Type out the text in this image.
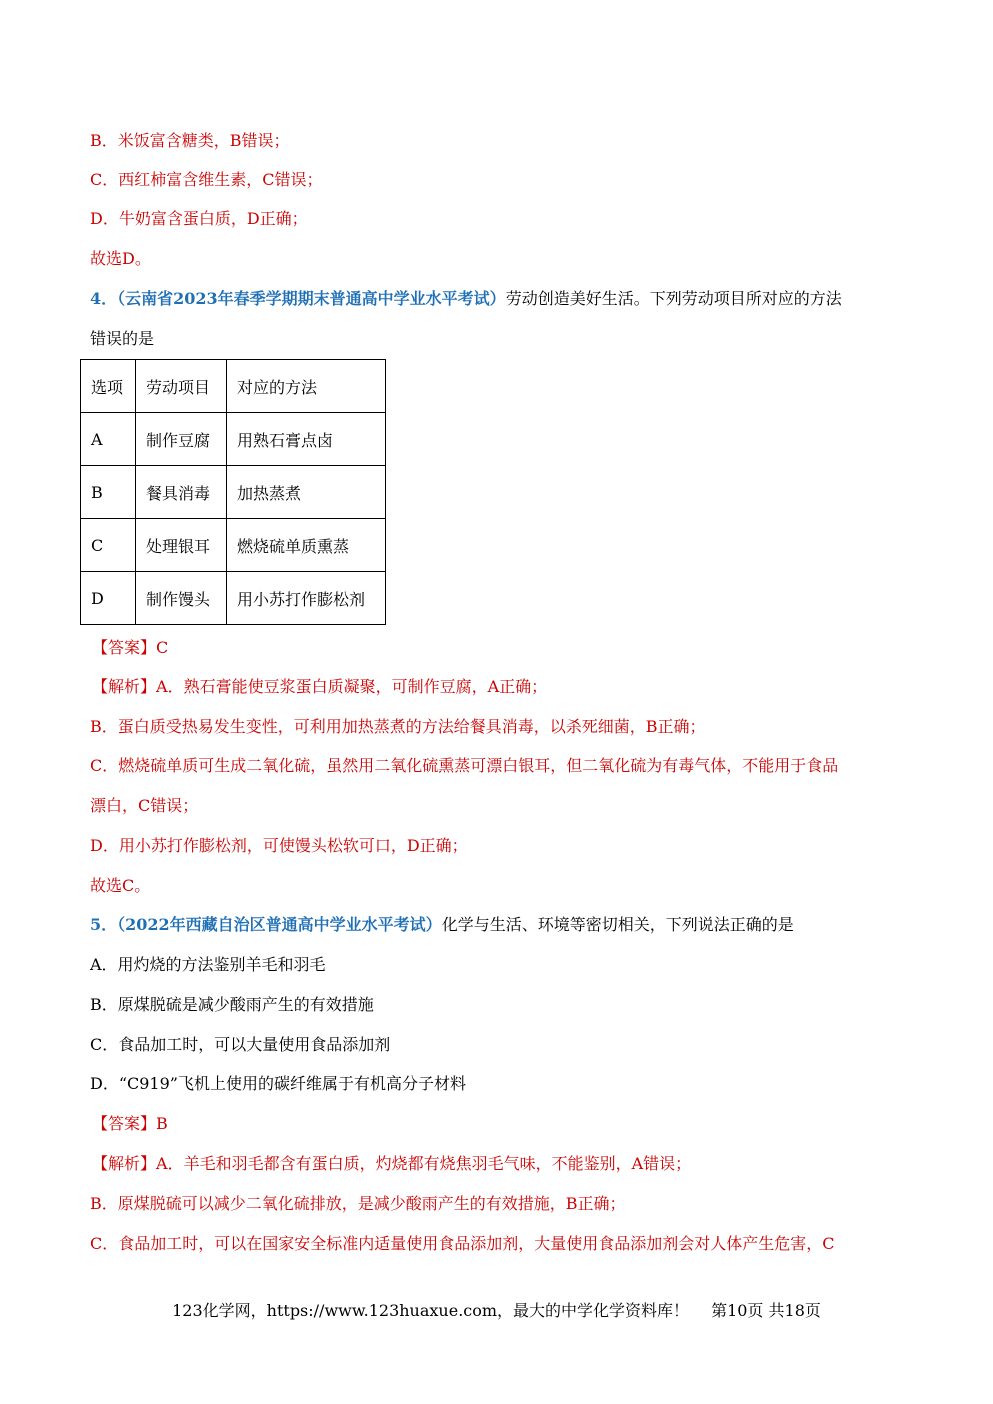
B．米饭富含糖类，B错误；
C．西红柿富含维生素，C错误；
D．牛奶富含蛋白质，D正确；
故选D。
4．（云南省2023年春季学期期末普通高中学业水平考试）劳动创造美好生活。下列劳动项目所对应的方法
错误的是
选项	劳动项目	对应的方法
A	制作豆腐	用熟石膏点卤
B	餐具消毒	加热蒸煮
C	处理银耳	燃烧硫单质熏蒸
D	制作馒头	用小苏打作膨松剂
【答案】C
【解析】A．熟石膏能使豆浆蛋白质凝聚，可制作豆腐，A正确；
B．蛋白质受热易发生变性，可利用加热蒸煮的方法给餐具消毒，以杀死细菌，B正确；
C．燃烧硫单质可生成二氧化硫，虽然用二氧化硫熏蒸可漂白银耳，但二氧化硫为有毒气体，不能用于食品
漂白，C错误；
D．用小苏打作膨松剂，可使馒头松软可口，D正确；
故选C。
5．（2022年西藏自治区普通高中学业水平考试）化学与生活、环境等密切相关，下列说法正确的是
A．用灼烧的方法鉴别羊毛和羽毛
B．原煤脱硫是减少酸雨产生的有效措施
C．食品加工时，可以大量使用食品添加剂
D．“C919”飞机上使用的碳纤维属于有机高分子材料
【答案】B
【解析】A．羊毛和羽毛都含有蛋白质，灼烧都有烧焦羽毛气味，不能鉴别，A错误；
B．原煤脱硫可以减少二氧化硫排放，是减少酸雨产生的有效措施，B正确；
C．食品加工时，可以在国家安全标准内适量使用食品添加剂，大量使用食品添加剂会对人体产生危害，C
123化学网，https://www.123huaxue.com，最大的中学化学资料库！ 第10页 共18页
